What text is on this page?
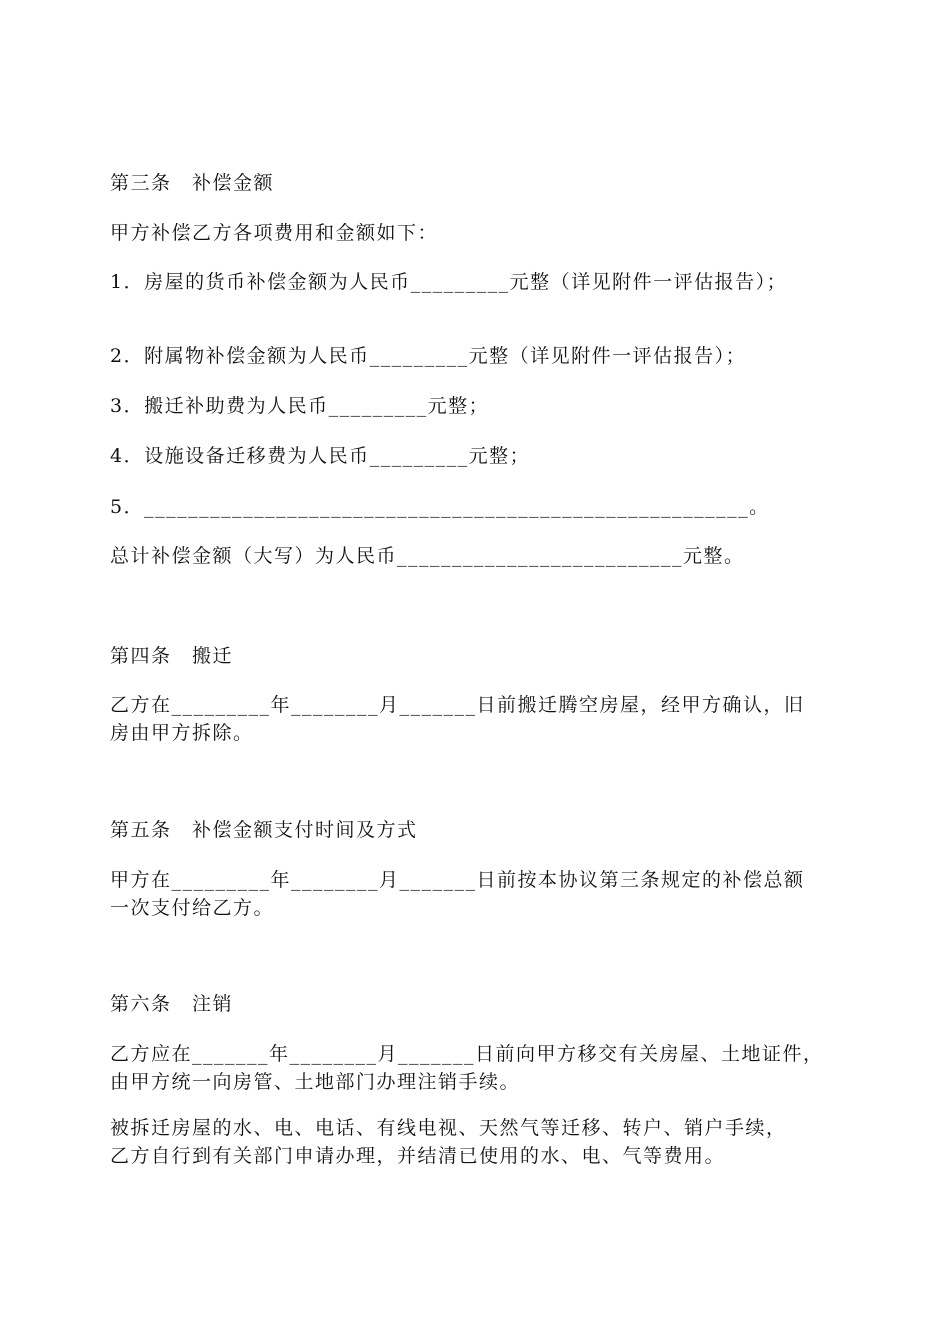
第三条　补偿金额

甲方补偿乙方各项费用和金额如下：

1．房屋的货币补偿金额为人民币_________元整（详见附件一评估报告）；

2．附属物补偿金额为人民币_________元整（详见附件一评估报告）；

3．搬迁补助费为人民币_________元整；

4．设施设备迁移费为人民币_________元整；

5．_______________________________________________________。

总计补偿金额（大写）为人民币__________________________元整。

第四条　搬迁

乙方在_________年________月_______日前搬迁腾空房屋，经甲方确认，旧
房由甲方拆除。

第五条　补偿金额支付时间及方式

甲方在_________年________月_______日前按本协议第三条规定的补偿总额
一次支付给乙方。

第六条　注销

乙方应在_______年________月_______日前向甲方移交有关房屋、土地证件，
由甲方统一向房管、土地部门办理注销手续。

被拆迁房屋的水、电、电话、有线电视、天然气等迁移、转户、销户手续，
乙方自行到有关部门申请办理，并结清已使用的水、电、气等费用。
